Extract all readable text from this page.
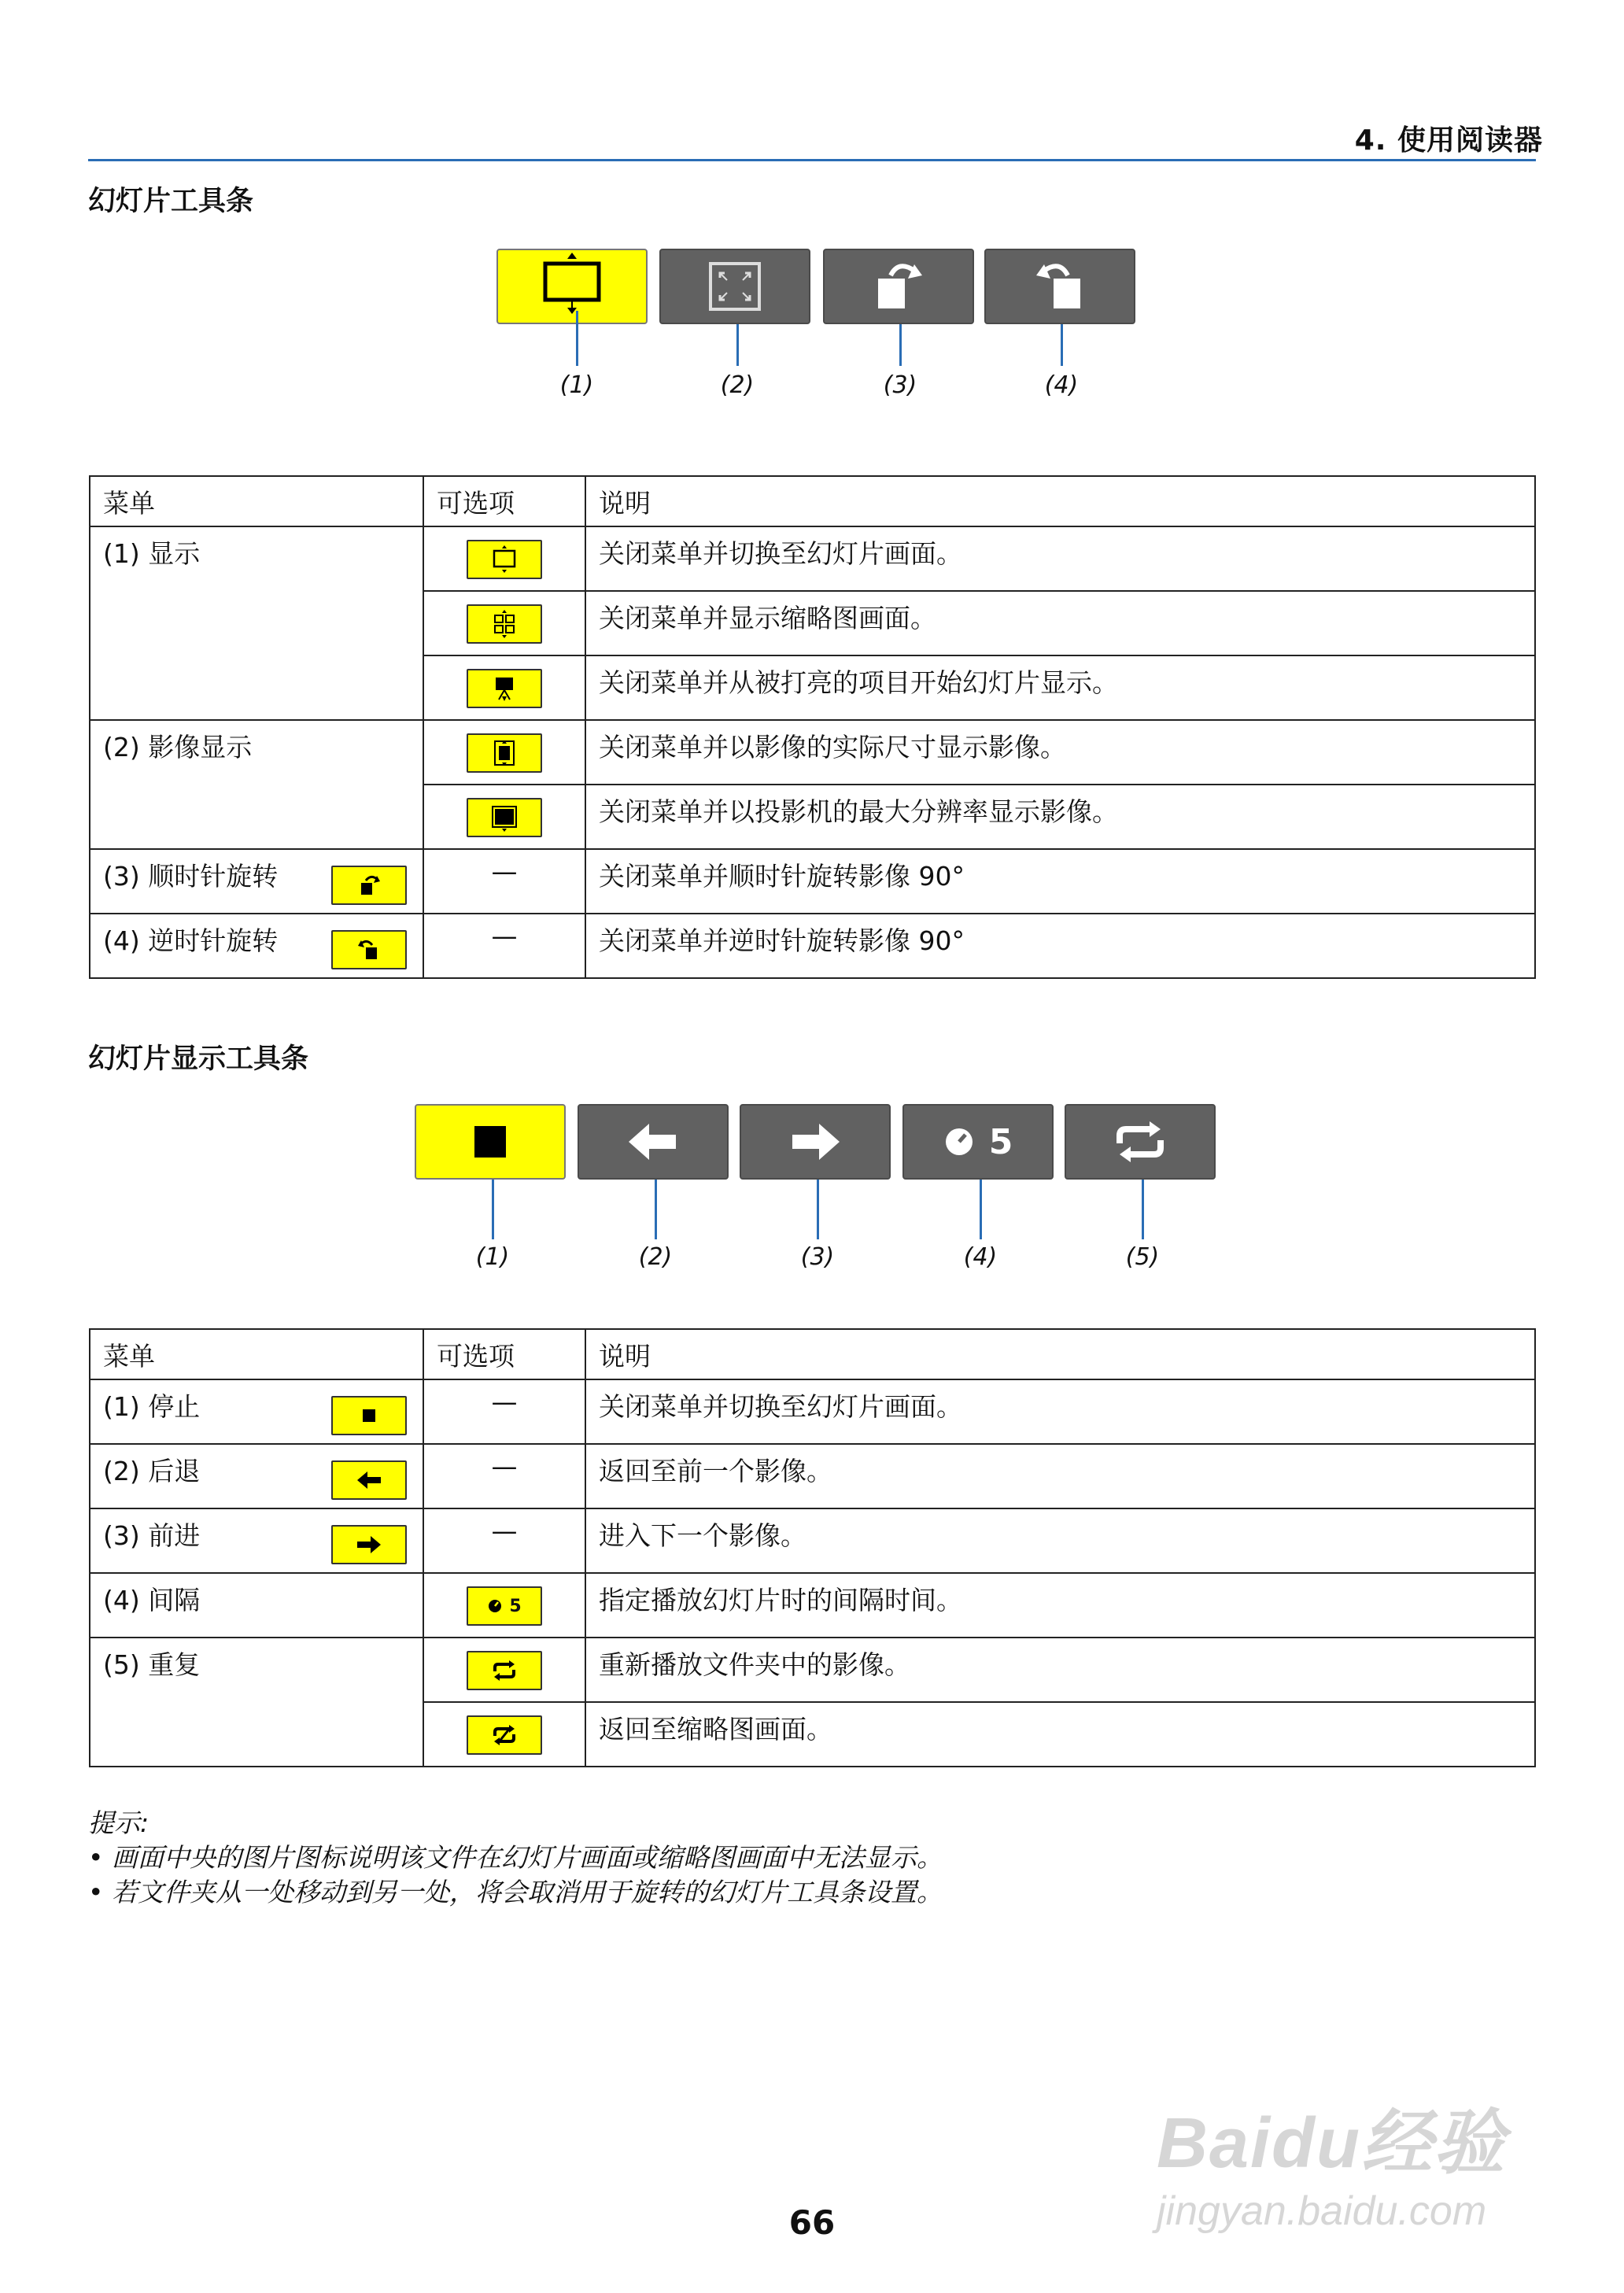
4. 使用阅读器
幻灯片工具条
(1)	(2)	(3)	(4)
菜单	可选项	说明
(1) 显示		关闭菜单并切换至幻灯片画面。

	关闭菜单并显示缩略图画面。

	关闭菜单并从被打亮的项目开始幻灯片显示。
(2) 影像显示		关闭菜单并以影像的实际尺寸显示影像。

	关闭菜单并以投影机的最大分辨率显示影像。
(3) 顺时针旋转	—	关闭菜单并顺时针旋转影像 90°
(4) 逆时针旋转	—	关闭菜单并逆时针旋转影像 90°
幻灯片显示工具条
5
(1)	(2)	(3)	(4)	(5)
菜单	可选项	说明
(1) 停止	—	关闭菜单并切换至幻灯片画面。
(2) 后退	—	返回至前一个影像。
(3) 前进	—	进入下一个影像。
(4) 间隔	5	指定播放幻灯片时的间隔时间。
(5) 重复		重新播放文件夹中的影像。

	返回至缩略图画面。
提示:
• 画面中央的图片图标说明该文件在幻灯片画面或缩略图画面中无法显示。
• 若文件夹从一处移动到另一处，将会取消用于旋转的幻灯片工具条设置。
66
Baidu经验
jingyan.baidu.com
